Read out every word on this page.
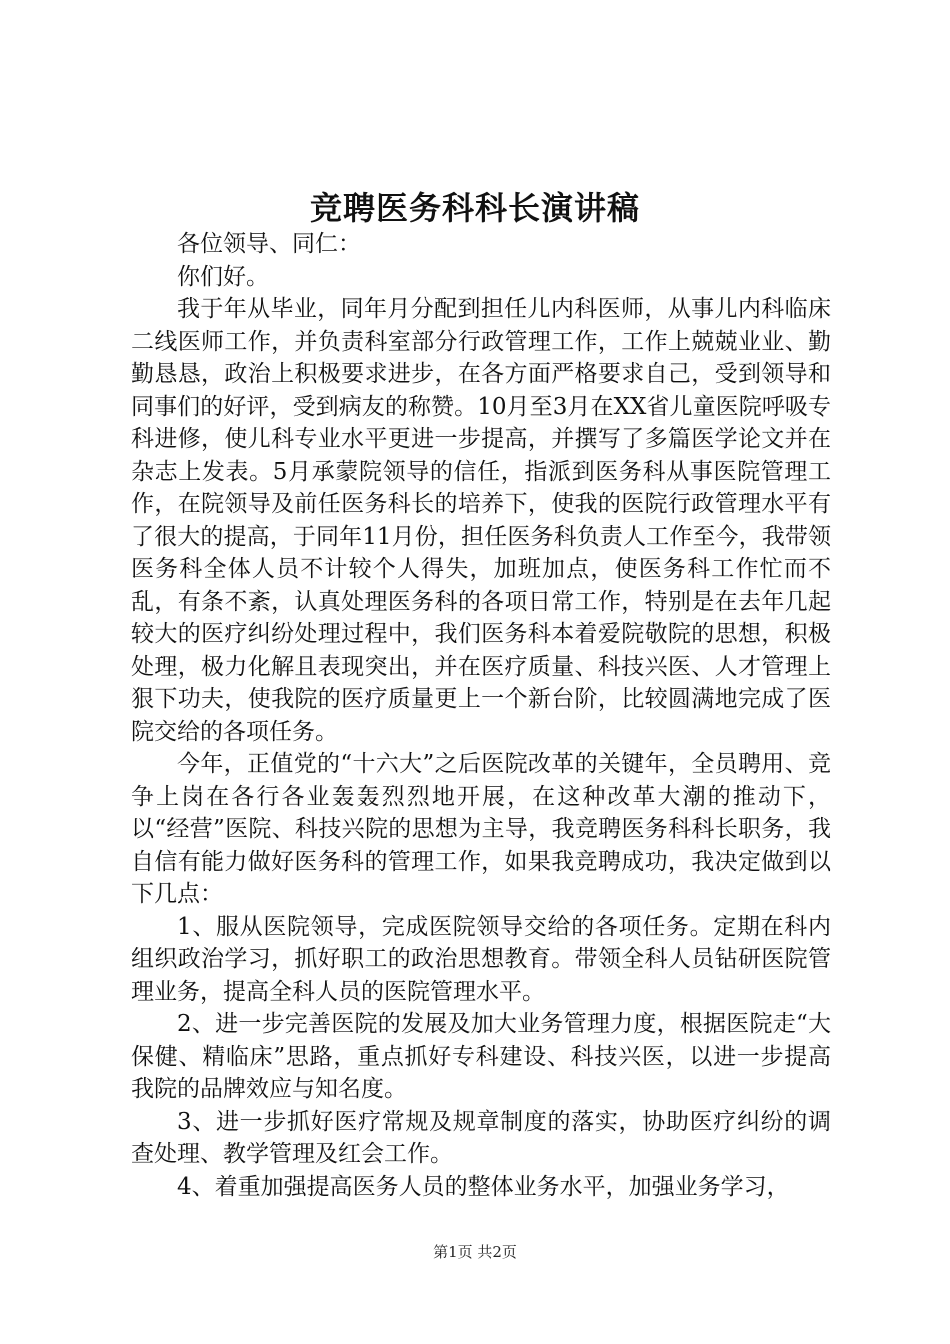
竞聘医务科科长演讲稿

各位领导、同仁：

你们好。

我于年从毕业，同年月分配到担任儿内科医师，从事儿内科临床二线医师工作，并负责科室部分行政管理工作，工作上兢兢业业、勤勤恳恳，政治上积极要求进步，在各方面严格要求自己，受到领导和同事们的好评，受到病友的称赞。10月至3月在XX省儿童医院呼吸专科进修，使儿科专业水平更进一步提高，并撰写了多篇医学论文并在杂志上发表。5月承蒙院领导的信任，指派到医务科从事医院管理工作，在院领导及前任医务科长的培养下，使我的医院行政管理水平有了很大的提高，于同年11月份，担任医务科负责人工作至今，我带领医务科全体人员不计较个人得失，加班加点，使医务科工作忙而不乱，有条不紊，认真处理医务科的各项日常工作，特别是在去年几起较大的医疗纠纷处理过程中，我们医务科本着爱院敬院的思想，积极处理，极力化解且表现突出，并在医疗质量、科技兴医、人才管理上狠下功夫，使我院的医疗质量更上一个新台阶，比较圆满地完成了医院交给的各项任务。

今年，正值党的“十六大”之后医院改革的关键年，全员聘用、竞争上岗在各行各业轰轰烈烈地开展，在这种改革大潮的推动下，以“经营”医院、科技兴院的思想为主导，我竞聘医务科科长职务，我自信有能力做好医务科的管理工作，如果我竞聘成功，我决定做到以下几点：

1、服从医院领导，完成医院领导交给的各项任务。定期在科内组织政治学习，抓好职工的政治思想教育。带领全科人员钻研医院管理业务，提高全科人员的医院管理水平。

2、进一步完善医院的发展及加大业务管理力度，根据医院走“大保健、精临床”思路，重点抓好专科建设、科技兴医，以进一步提高我院的品牌效应与知名度。

3、进一步抓好医疗常规及规章制度的落实，协助医疗纠纷的调查处理、教学管理及红会工作。

4、着重加强提高医务人员的整体业务水平，加强业务学习，

第1页 共2页
